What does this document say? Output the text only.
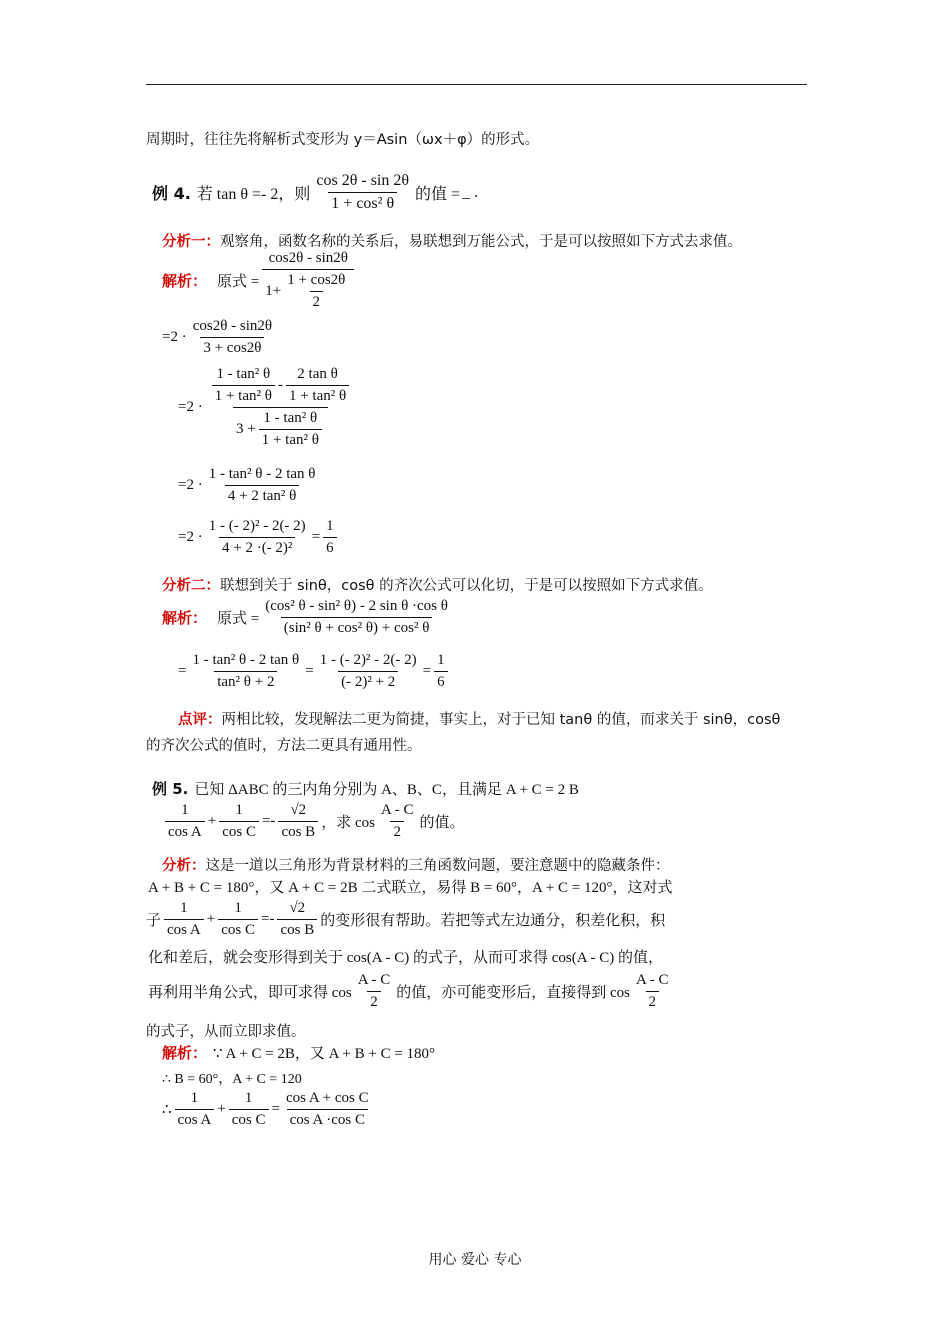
周期时，往往先将解析式变形为 y＝Asin（ωx＋φ）的形式。
例 4. 若 tan θ =- 2，则 $\frac{\cos 2\theta - \sin 2\theta}{\text{1 + cos² θ}}$ 的值 = _ .
分析一： 观察角，函数名称的关系后，易联想到万能公式，于是可以按照如下方式去求值。
解析： 原式 = $\frac{\cos 2\theta - \sin 2\theta}{1+ \frac{1 + \cos 2\theta}{2}}$
$=2 \cdot \frac{\cos 2\theta - \sin 2\theta}{3 + \cos 2\theta}$
=2 ·
$\frac{\text{1 - tan² θ}}{\text{1 + tan² θ}} - \frac{\text{2 tan θ}}{\text{1 + tan² θ}}$
$3 + \frac{\text{1 - tan² θ}}{\text{1 + tan² θ}}$
$=2 \cdot \frac{\text{1 - tan² θ - 2 tan θ}}{\text{4 + 2 tan² θ}}$
$=2 \cdot \frac{\text{1 - (- 2)² - 2(- 2)}}{\text{4 + 2 ·(- 2)²}} = \frac{1}{6}$
分析二： 联想到关于 sinθ，cosθ 的齐次公式可以化切，于是可以按照如下方式求值。
解析： 原式 = $\frac{\text{(cos² θ - sin² θ) - 2 sin θ ·cos θ}}{\text{(sin² θ + cos² θ) + cos² θ}}$
= $\frac{\text{1 - tan² θ - 2 tan θ}}{\text{tan² θ + 2}} = \frac{\text{1 - (- 2)² - 2(- 2)}}{\text{(- 2)² + 2}} = \frac{1}{6}$
点评： 两相比较，发现解法二更为简捷，事实上，对于已知 tanθ 的值，而求关于 sinθ，cosθ
的齐次公式的值时，方法二更具有通用性。
例 5. 已知 ΔABC 的三内角分别为 A、B、C，且满足 A + C = 2 B
$\frac{1}{\text{cos A}} + \frac{1}{\text{cos C}} =- \frac{√2}{\text{cos B}}$ ，求 $\cos \frac{A - C}{2}$ 的值。
分析： 这是一道以三角形为背景材料的三角函数问题，要注意题中的隐藏条件：
A + B + C = 180°，又 A + C = 2B 二式联立，易得 B = 60°，A + C = 120°，这对式
子 $\frac{1}{\text{cos A}} + \frac{1}{\text{cos C}} =- \frac{√2}{\text{cos B}}$ 的变形很有帮助。若把等式左边通分，积差化积，积
化和差后，就会变形得到关于 cos(A - C) 的式子，从而可求得 cos(A - C) 的值，
再利用半角公式，即可求得 $\cos \frac{A - C}{2}$ 的值，亦可能变形后，直接得到 $\cos \frac{A - C}{2}$
的式子，从而立即求值。
解析： ∵ A + C = 2B，又 A + B + C = 180°
∴ B = 60°，A + C = 120
∴ $\frac{1}{\text{cos A}} + \frac{1}{\text{cos C}} = \frac{\text{cos A + cos C}}{\text{cos A ·cos C}}$
用心 爱心 专心
